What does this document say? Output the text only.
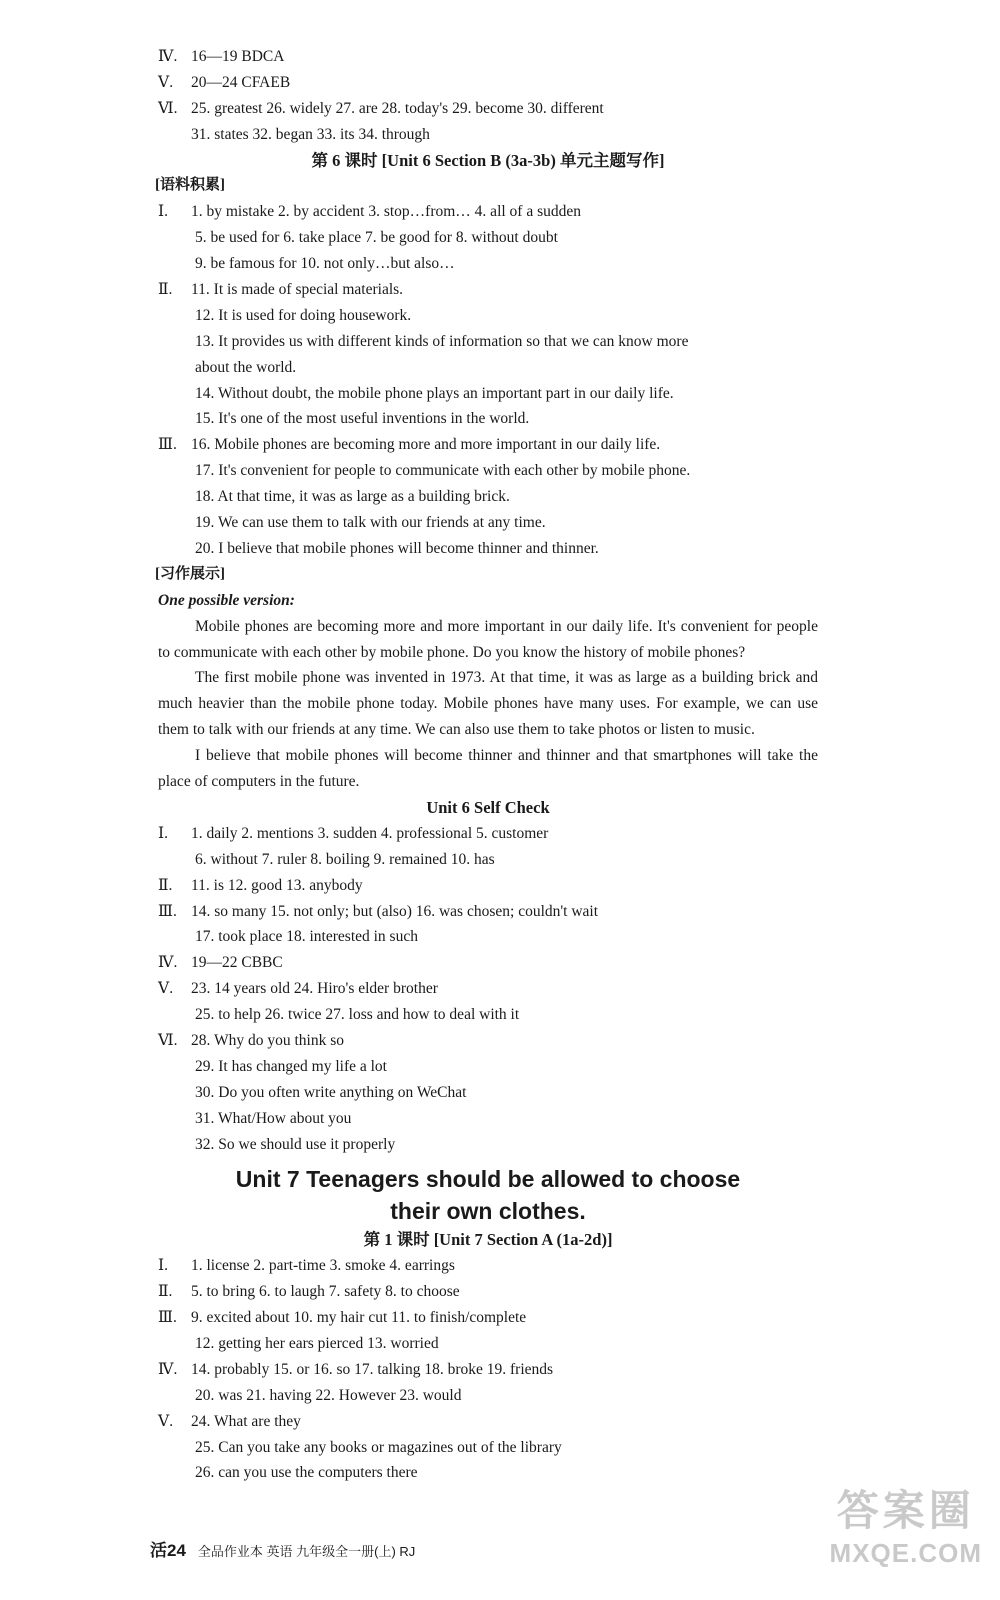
Ⅳ. 16—19 BDCA
Ⅴ. 20—24 CFAEB
Ⅵ. 25. greatest 26. widely 27. are 28. today's 29. become 30. different
31. states 32. began 33. its 34. through
第 6 课时 [Unit 6 Section B (3a-3b) 单元主题写作]
[语料积累]
Ⅰ. 1. by mistake 2. by accident 3. stop…from… 4. all of a sudden
5. be used for 6. take place 7. be good for 8. without doubt
9. be famous for 10. not only…but also…
Ⅱ. 11. It is made of special materials.
12. It is used for doing housework.
13. It provides us with different kinds of information so that we can know more
about the world.
14. Without doubt, the mobile phone plays an important part in our daily life.
15. It's one of the most useful inventions in the world.
Ⅲ. 16. Mobile phones are becoming more and more important in our daily life.
17. It's convenient for people to communicate with each other by mobile phone.
18. At that time, it was as large as a building brick.
19. We can use them to talk with our friends at any time.
20. I believe that mobile phones will become thinner and thinner.
[习作展示]
One possible version:

Mobile phones are becoming more and more important in our daily life. It's convenient for people to communicate with each other by mobile phone. Do you know the history of mobile phones?

The first mobile phone was invented in 1973. At that time, it was as large as a building brick and much heavier than the mobile phone today. Mobile phones have many uses. For example, we can use them to talk with our friends at any time. We can also use them to take photos or listen to music.

I believe that mobile phones will become thinner and thinner and that smartphones will take the place of computers in the future.

Unit 6 Self Check
Ⅰ. 1. daily 2. mentions 3. sudden 4. professional 5. customer
6. without 7. ruler 8. boiling 9. remained 10. has
Ⅱ. 11. is 12. good 13. anybody
Ⅲ. 14. so many 15. not only; but (also) 16. was chosen; couldn't wait
17. took place 18. interested in such
Ⅳ. 19—22 CBBC
Ⅴ. 23. 14 years old 24. Hiro's elder brother
25. to help 26. twice 27. loss and how to deal with it
Ⅵ. 28. Why do you think so
29. It has changed my life a lot
30. Do you often write anything on WeChat
31. What/How about you
32. So we should use it properly
Unit 7 Teenagers should be allowed to choose
their own clothes.
第 1 课时 [Unit 7 Section A (1a-2d)]
Ⅰ. 1. license 2. part-time 3. smoke 4. earrings
Ⅱ. 5. to bring 6. to laugh 7. safety 8. to choose
Ⅲ. 9. excited about 10. my hair cut 11. to finish/complete
12. getting her ears pierced 13. worried
Ⅳ. 14. probably 15. or 16. so 17. talking 18. broke 19. friends
20. was 21. having 22. However 23. would
Ⅴ. 24. What are they
25. Can you take any books or magazines out of the library
26. can you use the computers there
活24 全品作业本 英语 九年级全一册(上) RJ
答案圈
MXQE.COM
